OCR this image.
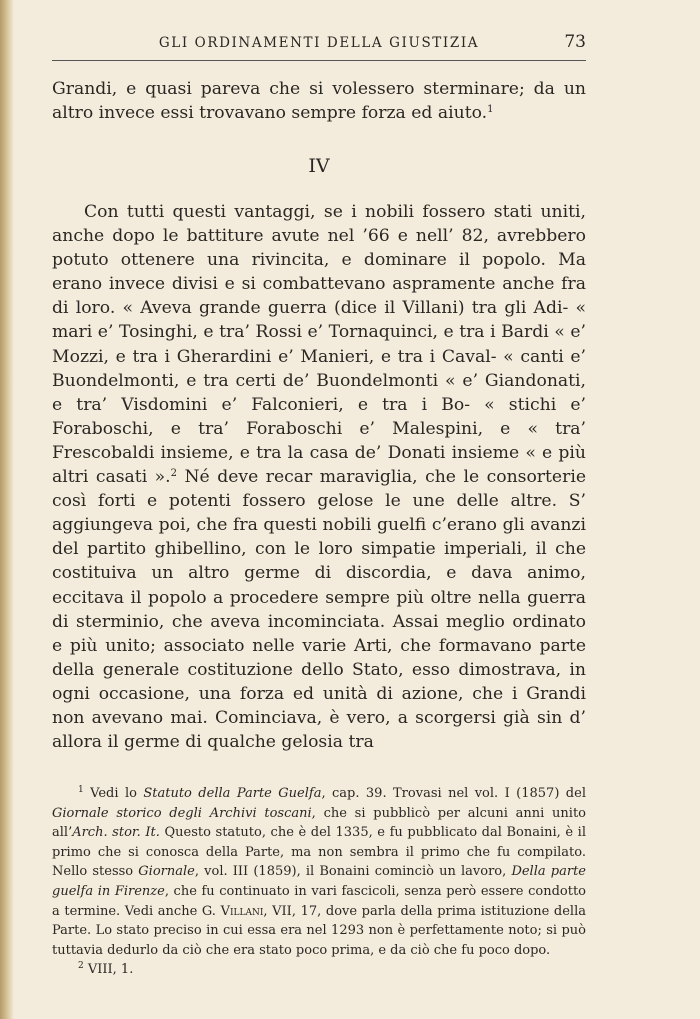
GLI ORDINAMENTI DELLA GIUSTIZIA	73
Grandi, e quasi pareva che si volessero sterminare; da un altro invece essi trovavano sempre forza ed aiuto.$^1$
IV
Con tutti questi vantaggi, se i nobili fossero stati uniti, anche dopo le battiture avute nel ’66 e nell’ 82, avrebbero potuto ottenere una rivincita, e dominare il popolo. Ma erano invece divisi e si combattevano aspramente anche fra di loro. « Aveva grande guerra (dice il Villani) tra gli Adi- « mari e’ Tosinghi, e tra’ Rossi e’ Tornaquinci, e tra i Bardi « e’ Mozzi, e tra i Gherardini e’ Manieri, e tra i Caval- « canti e’ Buondelmonti, e tra certi de’ Buondelmonti « e’ Giandonati, e tra’ Visdomini e’ Falconieri, e tra i Bo- « stichi e’ Foraboschi, e tra’ Foraboschi e’ Malespini, e « tra’ Frescobaldi insieme, e tra la casa de’ Donati insieme « e più altri casati ».$^2$ Né deve recar maraviglia, che le consorterie così forti e potenti fossero gelose le une delle altre. S’ aggiungeva poi, che fra questi nobili guelfi c’erano gli avanzi del partito ghibellino, con le loro simpatie imperiali, il che costituiva un altro germe di discordia, e dava animo, eccitava il popolo a procedere sempre più oltre nella guerra di sterminio, che aveva incominciata. Assai meglio ordinato e più unito; associato nelle varie Arti, che formavano parte della generale costituzione dello Stato, esso dimostrava, in ogni occasione, una forza ed unità di azione, che i Grandi non avevano mai. Cominciava, è vero, a scorgersi già sin d’ allora il germe di qualche gelosia tra

$^1$ Vedi lo Statuto della Parte Guelfa, cap. 39. Trovasi nel vol. I (1857) del Giornale storico degli Archivi toscani, che si pubblicò per alcuni anni unito all’Arch. stor. It. Questo statuto, che è del 1335, e fu pubblicato dal Bonaini, è il primo che si conosca della Parte, ma non sembra il primo che fu compilato. Nello stesso Giornale, vol. III (1859), il Bonaini cominciò un lavoro, Della parte guelfa in Firenze, che fu continuato in vari fascicoli, senza però essere condotto a termine. Vedi anche G. Villani, VII, 17, dove parla della prima istituzione della Parte. Lo stato preciso in cui essa era nel 1293 non è perfettamente noto; si può tuttavia dedurlo da ciò che era stato poco prima, e da ciò che fu poco dopo.

$^2$ VIII, 1.
